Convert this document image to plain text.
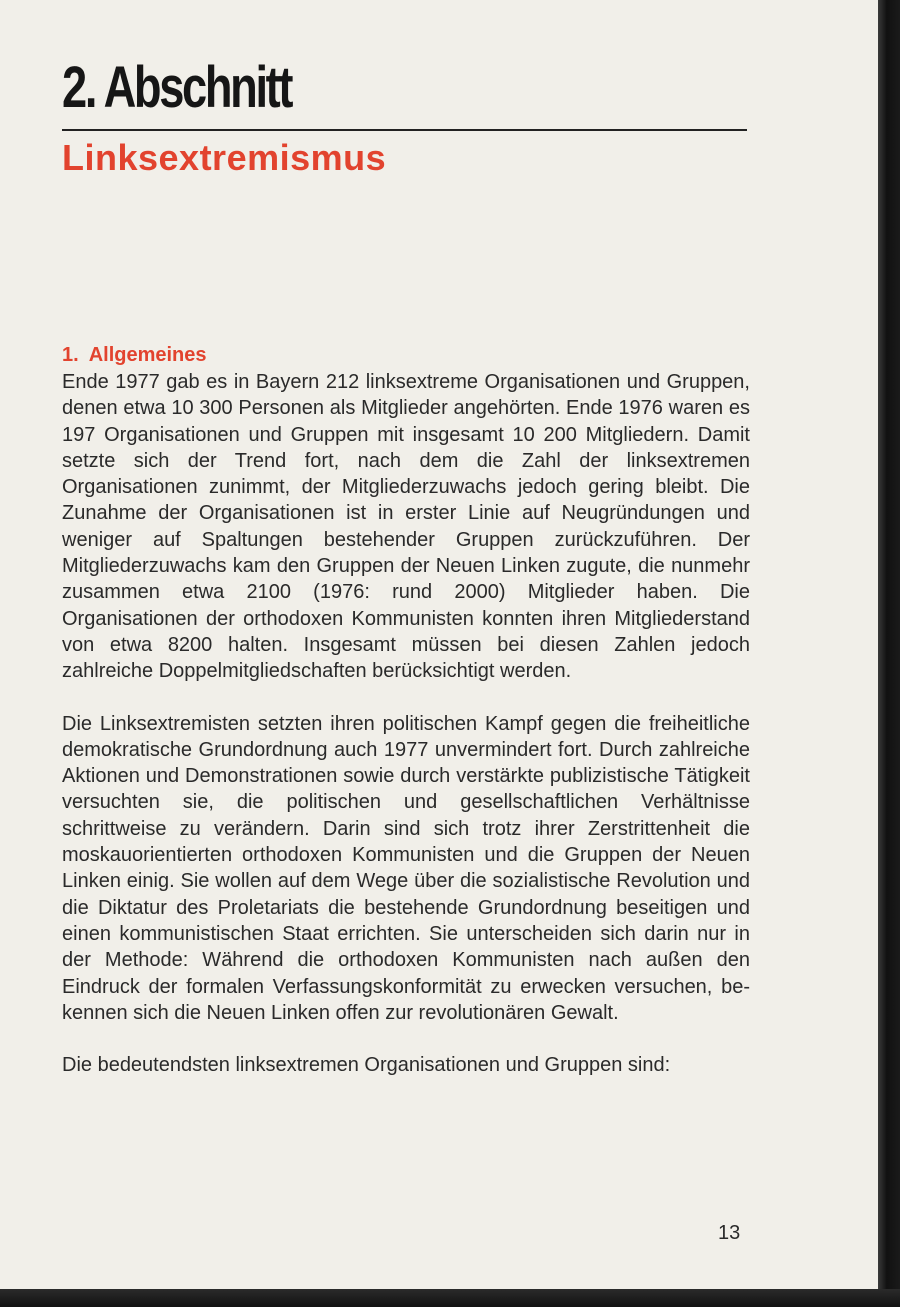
2. Abschnitt
Linksextremismus
1. Allgemeines

Ende 1977 gab es in Bayern 212 linksextreme Organisationen und Gruppen, denen etwa 10 300 Personen als Mitglieder angehörten. Ende 1976 waren es 197 Organisationen und Gruppen mit insgesamt 10 200 Mitgliedern. Damit setzte sich der Trend fort, nach dem die Zahl der linksextremen Organisationen zunimmt, der Mitgliederzuwachs jedoch gering bleibt. Die Zunahme der Organisationen ist in erster Linie auf Neugründungen und weniger auf Spaltungen bestehender Gruppen zurückzuführen. Der Mitgliederzuwachs kam den Gruppen der Neuen Linken zugute, die nunmehr zusammen etwa 2100 (1976: rund 2000) Mitglieder haben. Die Organisationen der orthodoxen Kommunisten konnten ihren Mitgliederstand von etwa 8200 halten. Insgesamt müssen bei diesen Zahlen jedoch zahlreiche Doppelmitgliedschaften berücksichtigt werden.

Die Linksextremisten setzten ihren politischen Kampf gegen die freiheitliche demokratische Grundordnung auch 1977 unvermindert fort. Durch zahlreiche Aktionen und Demonstrationen sowie durch verstärkte publizistische Tätigkeit versuchten sie, die politischen und gesellschaftlichen Verhältnisse schrittweise zu verändern. Darin sind sich trotz ihrer Zerstrittenheit die moskauorientierten orthodoxen Kommunisten und die Gruppen der Neuen Linken einig. Sie wollen auf dem Wege über die sozialistische Revolution und die Diktatur des Proletariats die bestehende Grundordnung beseitigen und einen kommunistischen Staat errichten. Sie unterscheiden sich darin nur in der Methode: Während die orthodoxen Kommunisten nach außen den Eindruck der formalen Verfassungskonformität zu erwecken versuchen, bekennen sich die Neuen Linken offen zur revolutionären Gewalt.

Die bedeutendsten linksextremen Organisationen und Gruppen sind:

13
